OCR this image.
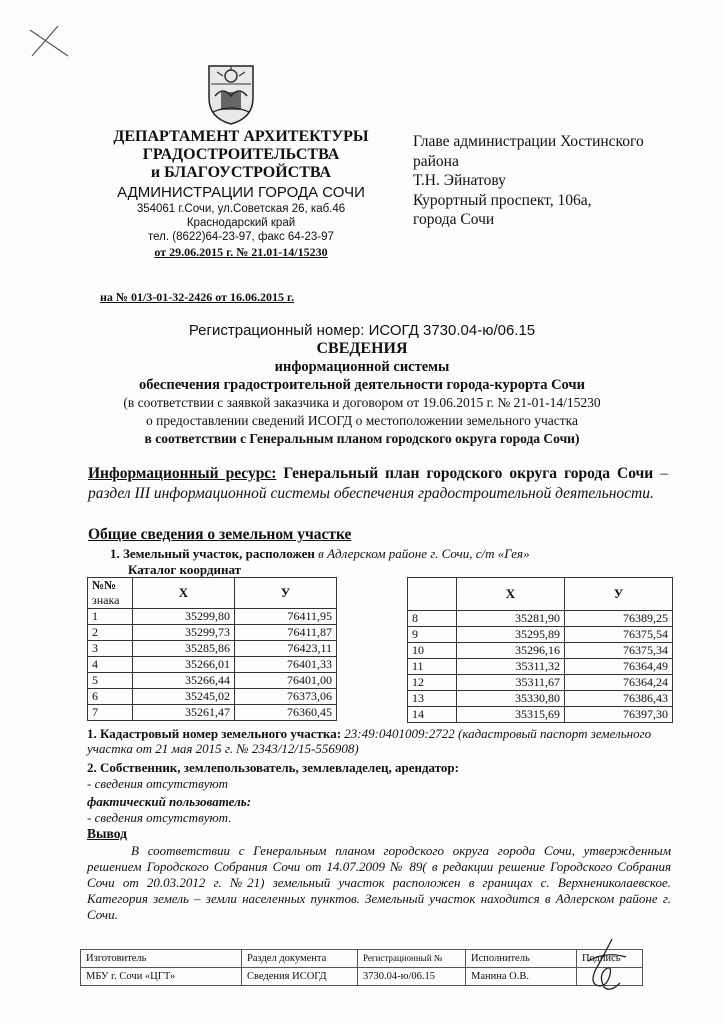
ДЕПАРТАМЕНТ АРХИТЕКТУРЫ
ГРАДОСТРОИТЕЛЬСТВА
и БЛАГОУСТРОЙСТВА
АДМИНИСТРАЦИИ ГОРОДА СОЧИ
354061 г.Сочи, ул.Советская 26, каб.46
Краснодарский край
тел. (8622)64-23-97, факс 64-23-97
от 29.06.2015 г. № 21.01-14/15230
на № 01/3-01-32-2426 от 16.06.2015 г.
Главе администрации Хостинского
района
Т.Н. Эйнатову
Курортный проспект, 106а,
города Сочи
Регистрационный номер: ИСОГД 3730.04-ю/06.15
СВЕДЕНИЯ
информационной системы
обеспечения градостроительной деятельности города-курорта Сочи
(в соответствии с заявкой заказчика и договором от 19.06.2015 г. № 21-01-14/15230
о предоставлении сведений ИСОГД о местоположении земельного участка
в соответствии с Генеральным планом городского округа города Сочи)
Информационный ресурс: Генеральный план городского округа города Сочи – раздел III информационной системы обеспечения градостроительной деятельности.
Общие сведения о земельном участке
1. Земельный участок, расположен в Адлерском районе г. Сочи, с/т «Гея»
Каталог координат
№№	Х	У
знака		
1	35299,80	76411,95
2	35299,73	76411,87
3	35285,86	76423,11
4	35266,01	76401,33
5	35266,44	76401,00
6	35245,02	76373,06
7	35261,47	76360,45
	Х	У
8	35281,90	76389,25
9	35295,89	76375,54
10	35296,16	76375,34
11	35311,32	76364,49
12	35311,67	76364,24
13	35330,80	76386,43
14	35315,69	76397,30
1. Кадастровый номер земельного участка: 23:49:0401009:2722 (кадастровый паспорт земельного участка от 21 мая 2015 г. № 2343/12/15-556908)
2. Собственник, землепользователь, землевладелец, арендатор:
- сведения отсутствуют
фактический пользователь:
- сведения отсутствуют.
Вывод
В соответствии с Генеральным планом городского округа города Сочи, утвержденным решением Городского Собрания Сочи от 14.07.2009 № 89( в редакции решение Городского Собрания Сочи от 20.03.2012 г. №21) земельный участок расположен в границах с. Верхнениколаевское. Категория земель – земли населенных пунктов. Земельный участок находится в Адлерском районе г. Сочи.
Изготовитель	Раздел документа	Регистрационный №	Исполнитель	Подпись
МБУ г. Сочи «ЦГТ»	Сведения ИСОГД	3730.04-ю/06.15	Манина О.В.	
